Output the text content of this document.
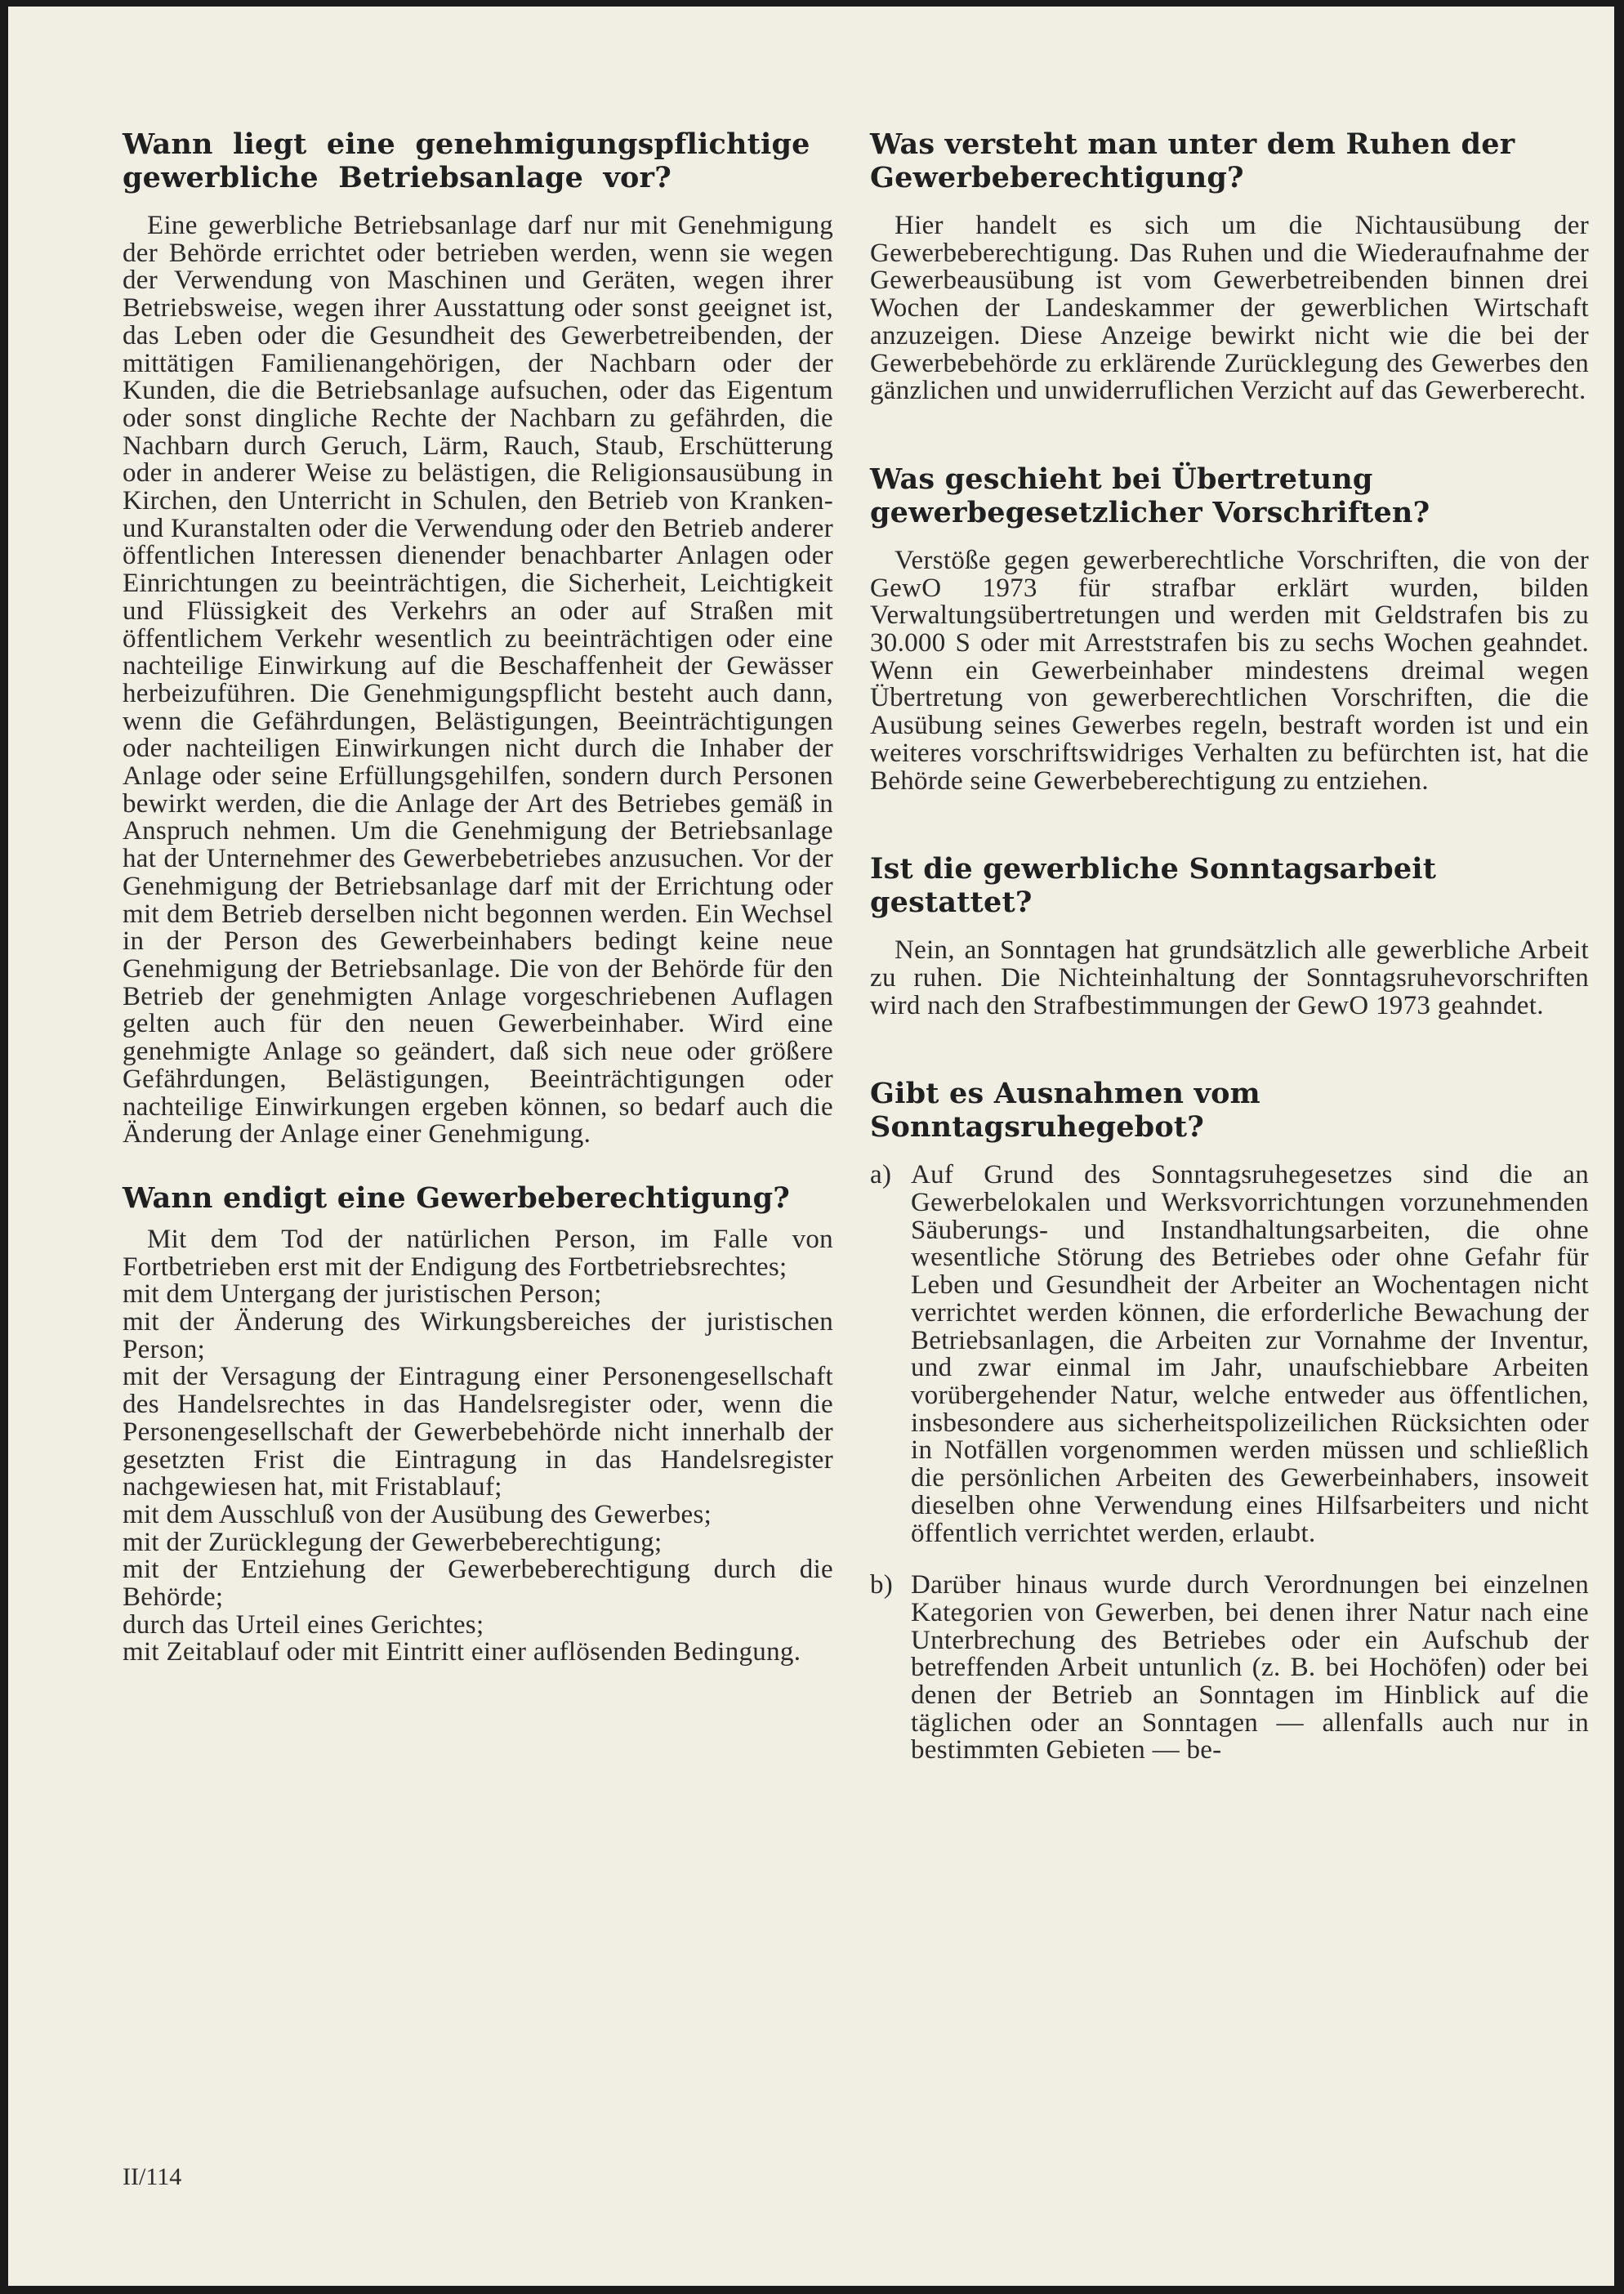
Wann liegt eine genehmigungspflichtige gewerbliche Betriebsanlage vor?

Eine gewerbliche Betriebsanlage darf nur mit Genehmigung der Behörde errichtet oder betrieben werden, wenn sie wegen der Verwendung von Maschinen und Geräten, wegen ihrer Betriebsweise, wegen ihrer Ausstattung oder sonst geeignet ist, das Leben oder die Gesundheit des Gewerbetreibenden, der mittätigen Familienangehörigen, der Nachbarn oder der Kunden, die die Betriebsanlage aufsuchen, oder das Eigentum oder sonst dingliche Rechte der Nachbarn zu gefährden, die Nachbarn durch Geruch, Lärm, Rauch, Staub, Erschütterung oder in anderer Weise zu belästigen, die Religionsausübung in Kirchen, den Unterricht in Schulen, den Betrieb von Kranken- und Kuranstalten oder die Verwendung oder den Betrieb anderer öffentlichen Interessen dienender benachbarter Anlagen oder Einrichtungen zu beeinträchtigen, die Sicherheit, Leichtigkeit und Flüssigkeit des Verkehrs an oder auf Straßen mit öffentlichem Verkehr wesentlich zu beeinträchtigen oder eine nachteilige Einwirkung auf die Beschaffenheit der Gewässer herbeizuführen. Die Genehmigungspflicht besteht auch dann, wenn die Gefährdungen, Belästigungen, Beeinträchtigungen oder nachteiligen Einwirkungen nicht durch die Inhaber der Anlage oder seine Erfüllungsgehilfen, sondern durch Personen bewirkt werden, die die Anlage der Art des Betriebes gemäß in Anspruch nehmen. Um die Genehmigung der Betriebsanlage hat der Unternehmer des Gewerbebetriebes anzusuchen. Vor der Genehmigung der Betriebsanlage darf mit der Errichtung oder mit dem Betrieb derselben nicht begonnen werden. Ein Wechsel in der Person des Gewerbeinhabers bedingt keine neue Genehmigung der Betriebsanlage. Die von der Behörde für den Betrieb der genehmigten Anlage vorgeschriebenen Auflagen gelten auch für den neuen Gewerbeinhaber. Wird eine genehmigte Anlage so geändert, daß sich neue oder größere Gefährdungen, Belästigungen, Beeinträchtigungen oder nachteilige Einwirkungen ergeben können, so bedarf auch die Änderung der Anlage einer Genehmigung.

Wann endigt eine Gewerbeberechtigung?
Mit dem Tod der natürlichen Person, im Falle von Fortbetrieben erst mit der Endigung des Fortbetriebsrechtes;
mit dem Untergang der juristischen Person;
mit der Änderung des Wirkungsbereiches der juristischen Person;
mit der Versagung der Eintragung einer Personengesellschaft des Handelsrechtes in das Handelsregister oder, wenn die Personengesellschaft der Gewerbebehörde nicht innerhalb der gesetzten Frist die Eintragung in das Handelsregister nachgewiesen hat, mit Fristablauf;
mit dem Ausschluß von der Ausübung des Gewerbes;
mit der Zurücklegung der Gewerbeberechtigung;
mit der Entziehung der Gewerbeberechtigung durch die Behörde;
durch das Urteil eines Gerichtes;
mit Zeitablauf oder mit Eintritt einer auflösenden Bedingung.
Was versteht man unter dem Ruhen der Gewerbeberechtigung?

Hier handelt es sich um die Nichtausübung der Gewerbeberechtigung. Das Ruhen und die Wiederaufnahme der Gewerbeausübung ist vom Gewerbetreibenden binnen drei Wochen der Landeskammer der gewerblichen Wirtschaft anzuzeigen. Diese Anzeige bewirkt nicht wie die bei der Gewerbebehörde zu erklärende Zurücklegung des Gewerbes den gänzlichen und unwiderruflichen Verzicht auf das Gewerberecht.

Was geschieht bei Übertretung gewerbegesetzlicher Vorschriften?

Verstöße gegen gewerberechtliche Vorschriften, die von der GewO 1973 für strafbar erklärt wurden, bilden Verwaltungsübertretungen und werden mit Geldstrafen bis zu 30.000 S oder mit Arreststrafen bis zu sechs Wochen geahndet. Wenn ein Gewerbeinhaber mindestens dreimal wegen Übertretung von gewerberechtlichen Vorschriften, die die Ausübung seines Gewerbes regeln, bestraft worden ist und ein weiteres vorschriftswidriges Verhalten zu befürchten ist, hat die Behörde seine Gewerbeberechtigung zu entziehen.

Ist die gewerbliche Sonntagsarbeit gestattet?

Nein, an Sonntagen hat grundsätzlich alle gewerbliche Arbeit zu ruhen. Die Nichteinhaltung der Sonntagsruhevorschriften wird nach den Strafbestimmungen der GewO 1973 geahndet.

Gibt es Ausnahmen vom Sonntagsruhegebot?
a) Auf Grund des Sonntagsruhegesetzes sind die an Gewerbelokalen und Werksvorrichtungen vorzunehmenden Säuberungs- und Instandhaltungsarbeiten, die ohne wesentliche Störung des Betriebes oder ohne Gefahr für Leben und Gesundheit der Arbeiter an Wochentagen nicht verrichtet werden können, die erforderliche Bewachung der Betriebsanlagen, die Arbeiten zur Vornahme der Inventur, und zwar einmal im Jahr, unaufschiebbare Arbeiten vorübergehender Natur, welche entweder aus öffentlichen, insbesondere aus sicherheitspolizeilichen Rücksichten oder in Notfällen vorgenommen werden müssen und schließlich die persönlichen Arbeiten des Gewerbeinhabers, insoweit dieselben ohne Verwendung eines Hilfsarbeiters und nicht öffentlich verrichtet werden, erlaubt.
b) Darüber hinaus wurde durch Verordnungen bei einzelnen Kategorien von Gewerben, bei denen ihrer Natur nach eine Unterbrechung des Betriebes oder ein Aufschub der betreffenden Arbeit untunlich (z. B. bei Hochöfen) oder bei denen der Betrieb an Sonntagen im Hinblick auf die täglichen oder an Sonntagen — allenfalls auch nur in bestimmten Gebieten — be-
II/114
